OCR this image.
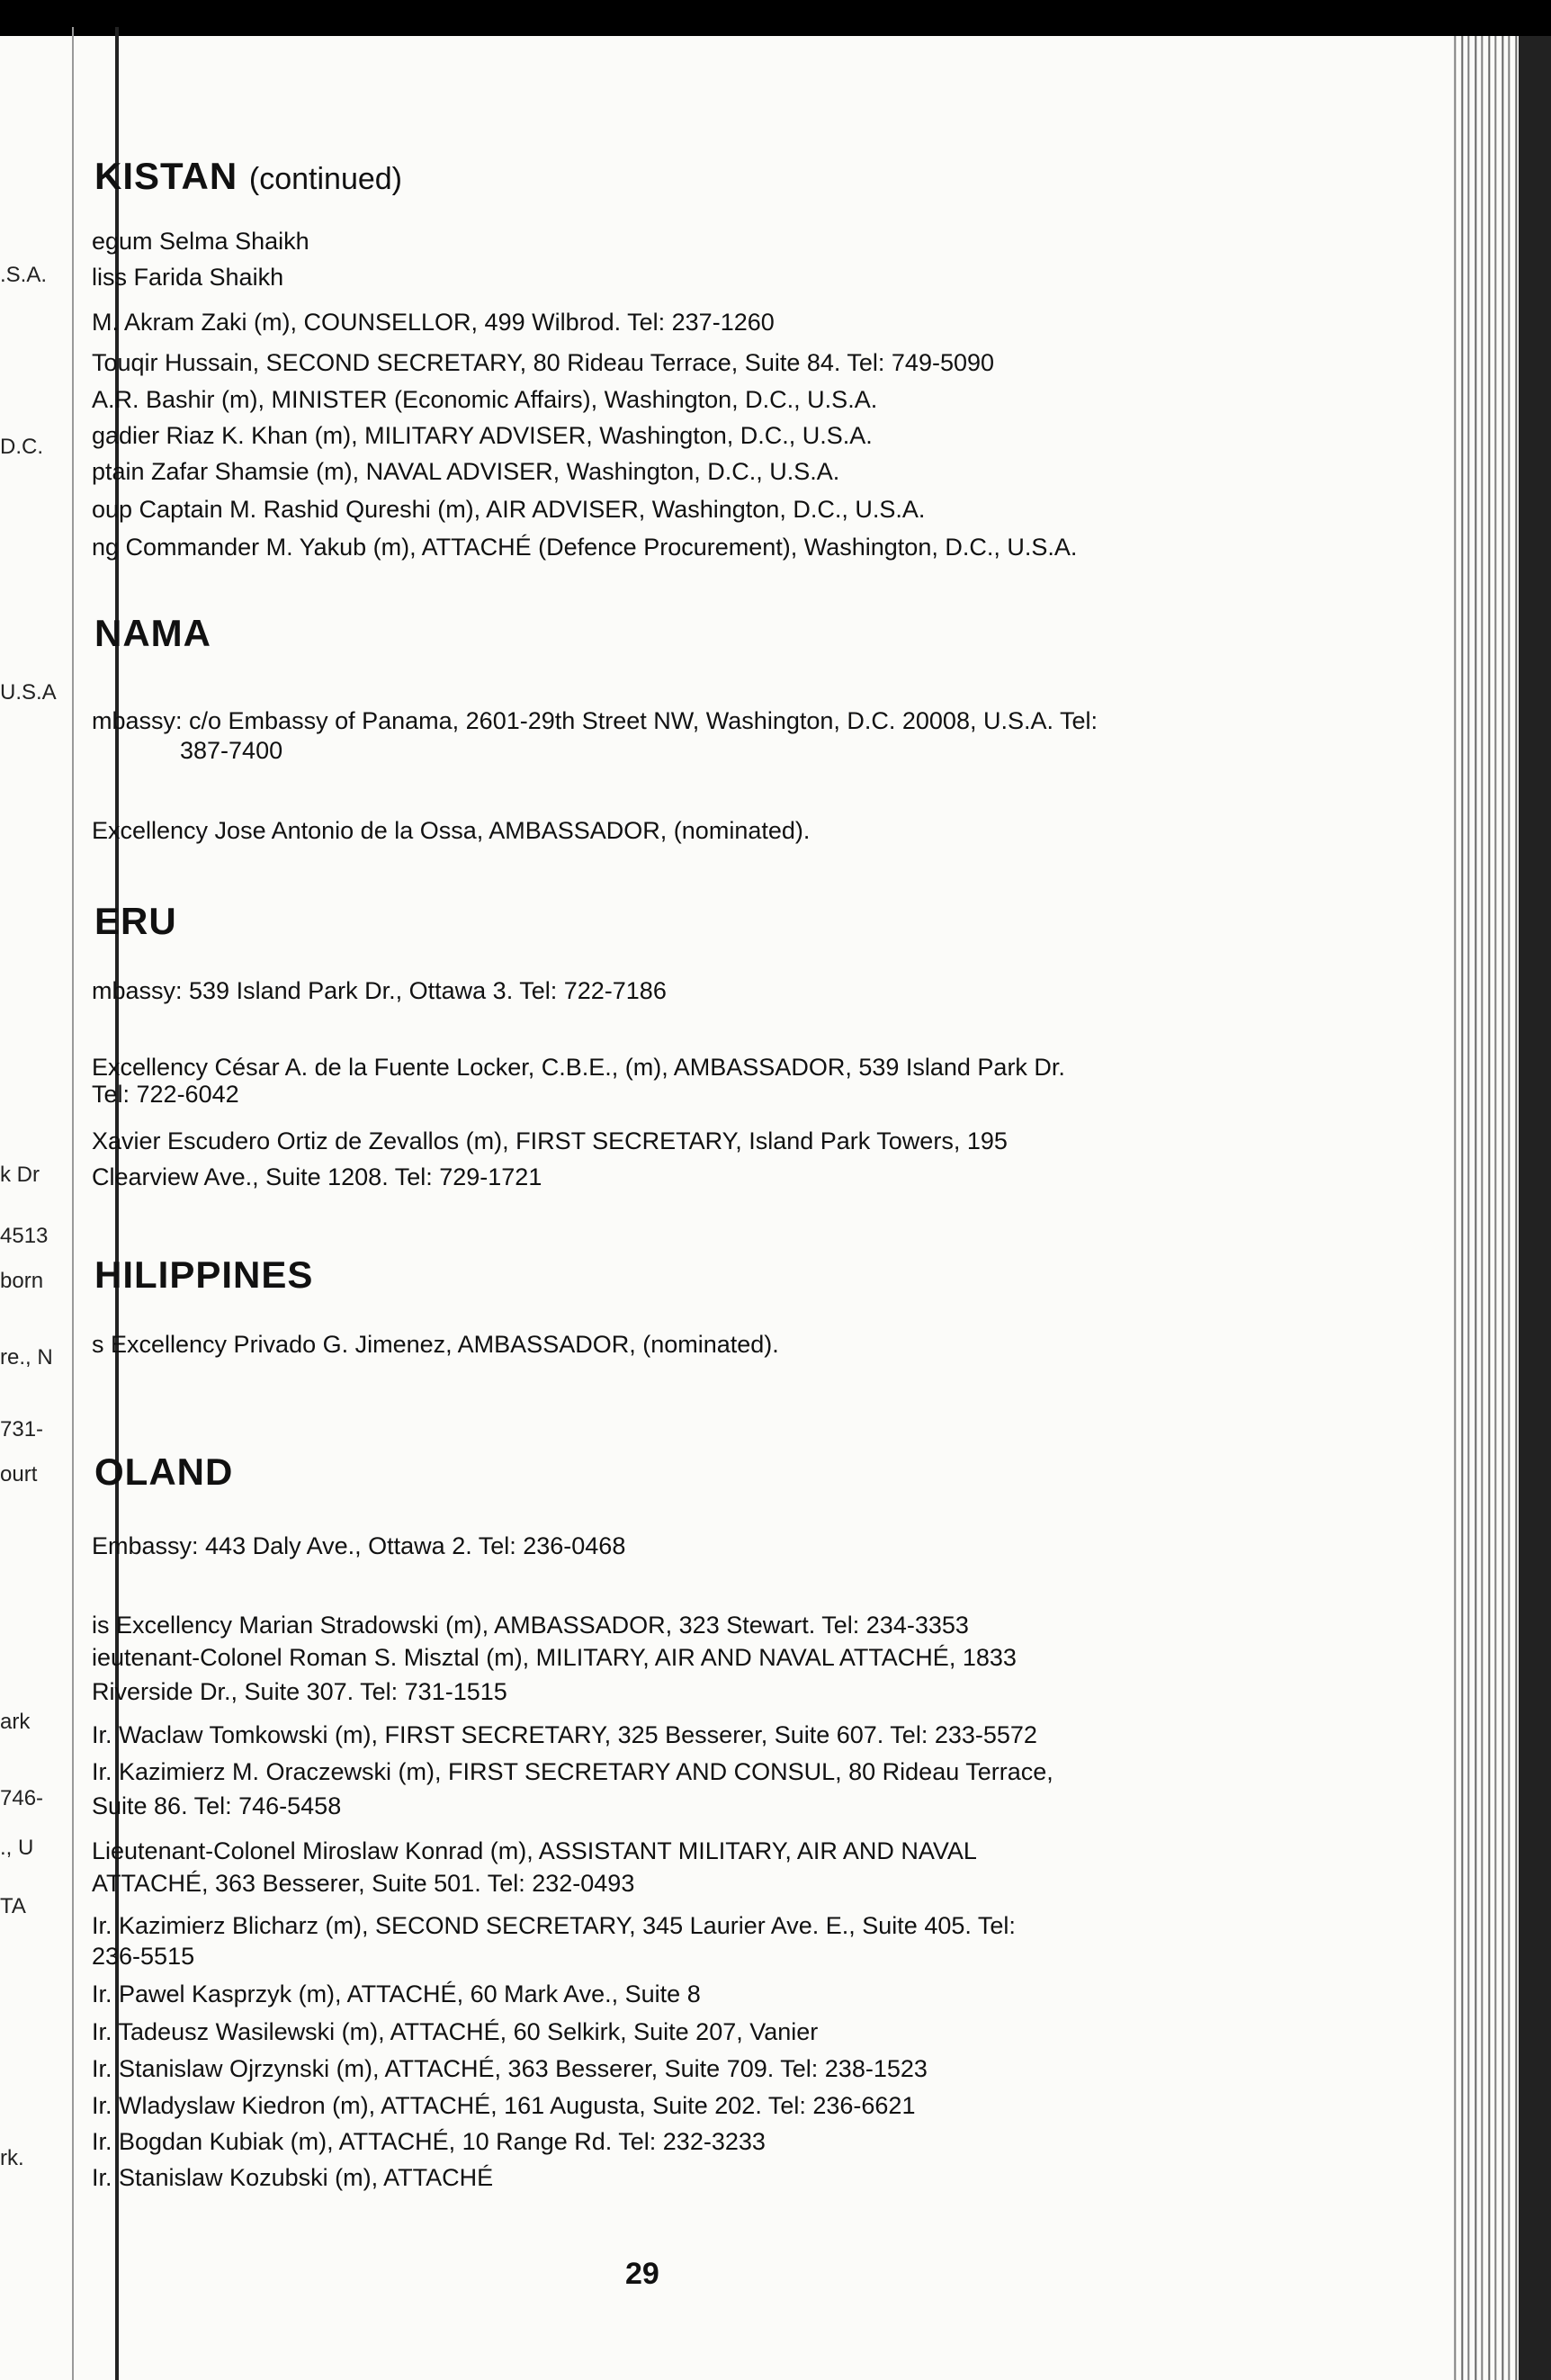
.S.A.
D.C.
U.S.A
k Dr
4513
born
re., N
731-
ourt
ark
746-
., U
TA
rk.
KISTAN (continued)
egum Selma Shaikh
liss Farida Shaikh
M. Akram Zaki (m), COUNSELLOR, 499 Wilbrod. Tel: 237-1260
Touqir Hussain, SECOND SECRETARY, 80 Rideau Terrace, Suite 84. Tel: 749-5090
A.R. Bashir (m), MINISTER (Economic Affairs), Washington, D.C., U.S.A.
gadier Riaz K. Khan (m), MILITARY ADVISER, Washington, D.C., U.S.A.
ptain Zafar Shamsie (m), NAVAL ADVISER, Washington, D.C., U.S.A.
oup Captain M. Rashid Qureshi (m), AIR ADVISER, Washington, D.C., U.S.A.
ng Commander M. Yakub (m), ATTACHÉ (Defence Procurement), Washington, D.C., U.S.A.
NAMA
mbassy: c/o Embassy of Panama, 2601-29th Street NW, Washington, D.C. 20008, U.S.A. Tel:
387-7400
Excellency Jose Antonio de la Ossa, AMBASSADOR, (nominated).
ERU
mbassy: 539 Island Park Dr., Ottawa 3. Tel: 722-7186
Excellency César A. de la Fuente Locker, C.B.E., (m), AMBASSADOR, 539 Island Park Dr.
Tel: 722-6042
Xavier Escudero Ortiz de Zevallos (m), FIRST SECRETARY, Island Park Towers, 195
Clearview Ave., Suite 1208. Tel: 729-1721
HILIPPINES
s Excellency Privado G. Jimenez, AMBASSADOR, (nominated).
OLAND
Embassy: 443 Daly Ave., Ottawa 2. Tel: 236-0468
is Excellency Marian Stradowski (m), AMBASSADOR, 323 Stewart. Tel: 234-3353
ieutenant-Colonel Roman S. Misztal (m), MILITARY, AIR AND NAVAL ATTACHÉ, 1833
Riverside Dr., Suite 307. Tel: 731-1515
Ir. Waclaw Tomkowski (m), FIRST SECRETARY, 325 Besserer, Suite 607. Tel: 233-5572
Ir. Kazimierz M. Oraczewski (m), FIRST SECRETARY AND CONSUL, 80 Rideau Terrace,
Suite 86. Tel: 746-5458
Lieutenant-Colonel Miroslaw Konrad (m), ASSISTANT MILITARY, AIR AND NAVAL
ATTACHÉ, 363 Besserer, Suite 501. Tel: 232-0493
Ir. Kazimierz Blicharz (m), SECOND SECRETARY, 345 Laurier Ave. E., Suite 405. Tel:
236-5515
Ir. Pawel Kasprzyk (m), ATTACHÉ, 60 Mark Ave., Suite 8
Ir. Tadeusz Wasilewski (m), ATTACHÉ, 60 Selkirk, Suite 207, Vanier
Ir. Stanislaw Ojrzynski (m), ATTACHÉ, 363 Besserer, Suite 709. Tel: 238-1523
Ir. Wladyslaw Kiedron (m), ATTACHÉ, 161 Augusta, Suite 202. Tel: 236-6621
Ir. Bogdan Kubiak (m), ATTACHÉ, 10 Range Rd. Tel: 232-3233
Ir. Stanislaw Kozubski (m), ATTACHÉ
29
